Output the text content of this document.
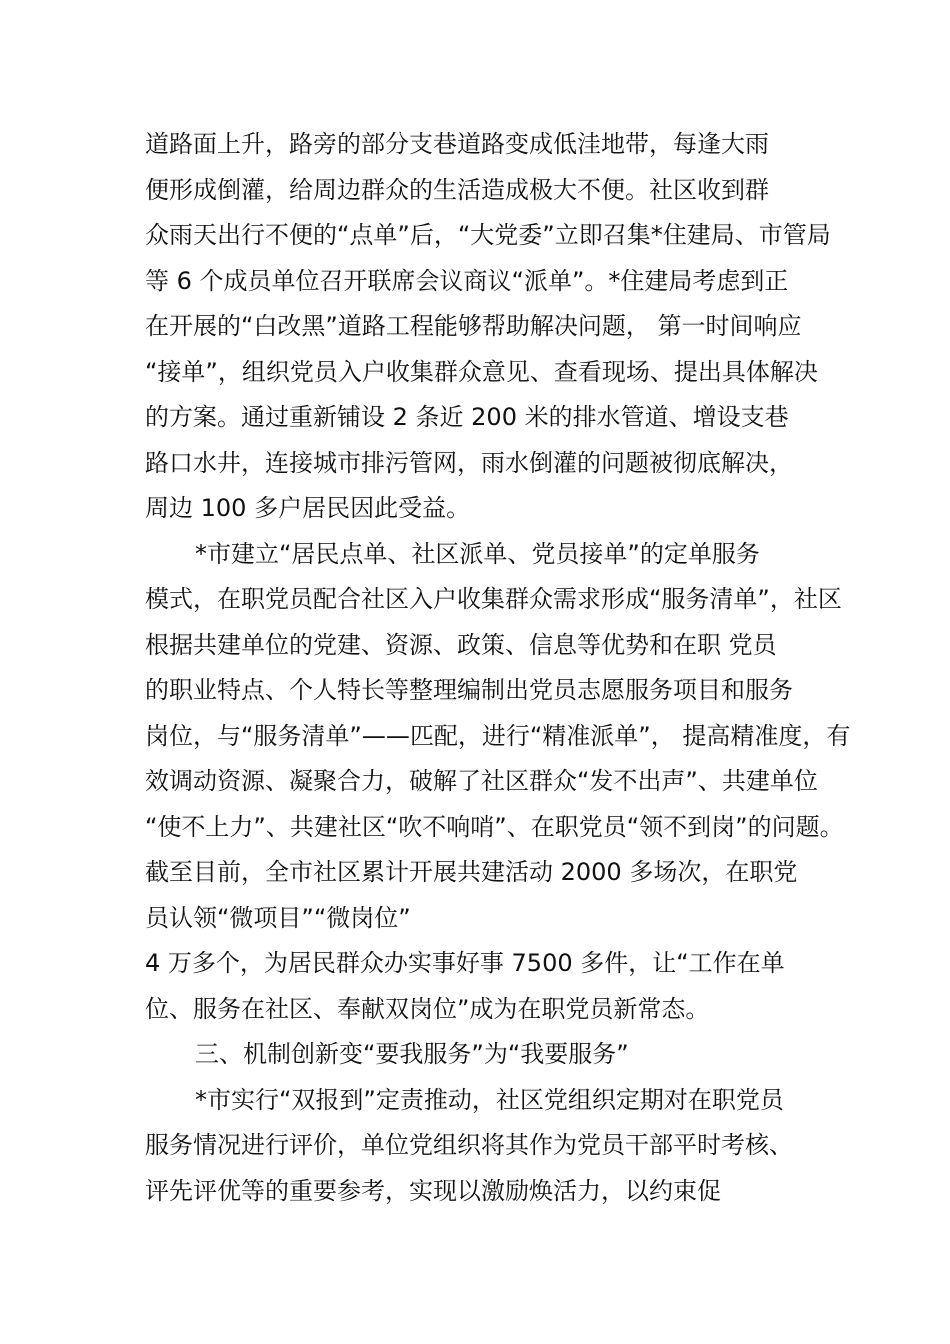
道路面上升，路旁的部分支巷道路变成低洼地带，每逢大雨
便形成倒灌，给周边群众的生活造成极大不便。社区收到群
众雨天出行不便的“点单”后，“大党委”立即召集*住建局、市管局
等 6 个成员单位召开联席会议商议“派单”。*住建局考虑到正
在开展的“白改黑”道路工程能够帮助解决问题， 第一时间响应
“接单”，组织党员入户收集群众意见、查看现场、提出具体解决
的方案。通过重新铺设 2 条近 200 米的排水管道、增设支巷
路口水井，连接城市排污管网，雨水倒灌的问题被彻底解决，
周边 100 多户居民因此受益。
*市建立“居民点单、社区派单、党员接单”的定单服务
模式，在职党员配合社区入户收集群众需求形成“服务清单”，社区
根据共建单位的党建、资源、政策、信息等优势和在职 党员
的职业特点、个人特长等整理编制出党员志愿服务项目和服务
岗位，与“服务清单”——匹配，进行“精准派单”， 提高精准度，有
效调动资源、凝聚合力，破解了社区群众“发不出声”、共建单位
“使不上力”、共建社区“吹不响哨”、在职党员“领不到岗”的问题。
截至目前，全市社区累计开展共建活动 2000 多场次，在职党
员认领“微项目”“微岗位”
4 万多个，为居民群众办实事好事 7500 多件，让“工作在单
位、服务在社区、奉献双岗位”成为在职党员新常态。
三、机制创新变“要我服务”为“我要服务”
*市实行“双报到”定责推动，社区党组织定期对在职党员
服务情况进行评价，单位党组织将其作为党员干部平时考核、
评先评优等的重要参考，实现以激励焕活力，以约束促
